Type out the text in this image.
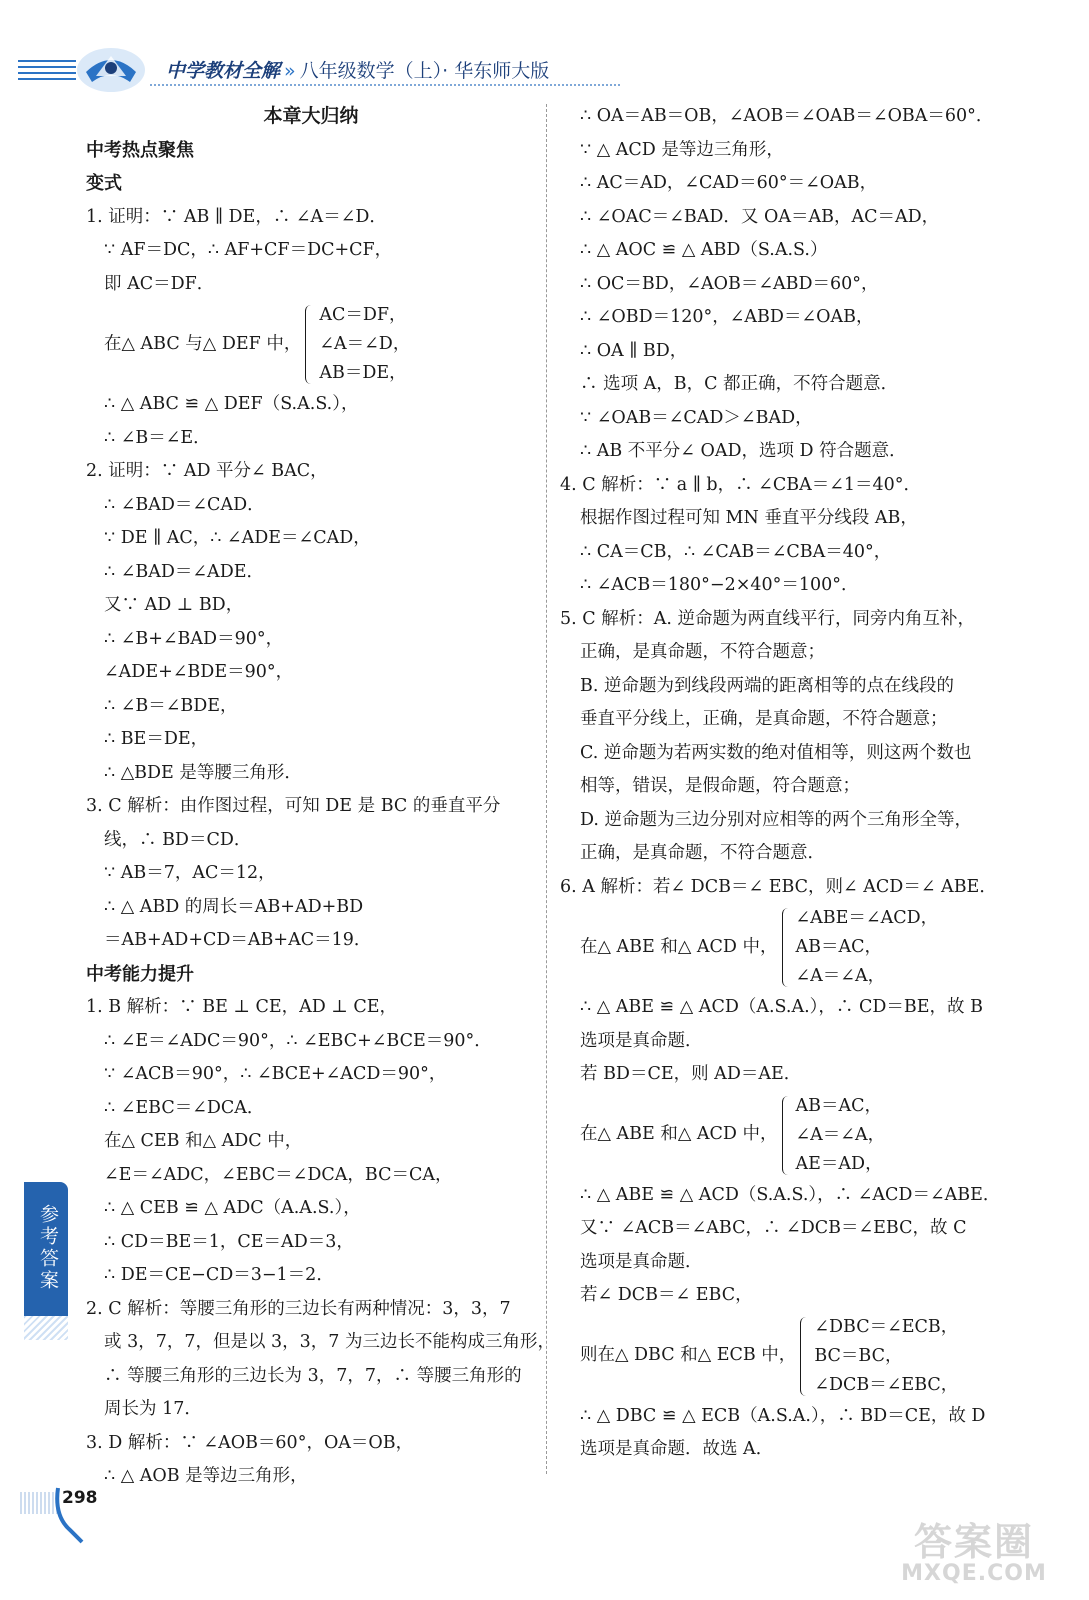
中学教材全解 » 八年级数学（上）· 华东师大版
本章大归纳
中考热点聚焦
变式
1. 证明：∵ AB ∥ DE，∴ ∠A＝∠D．
∵ AF＝DC，∴ AF+CF＝DC+CF，
即 AC＝DF．
在△ ABC 与△ DEF 中，
AC＝DF，
∠A＝∠D，
AB＝DE，
∴ △ ABC ≌ △ DEF（S.A.S.），
∴ ∠B＝∠E．
2. 证明：∵ AD 平分∠ BAC，
∴ ∠BAD＝∠CAD．
∵ DE ∥ AC，∴ ∠ADE＝∠CAD，
∴ ∠BAD＝∠ADE．
又∵ AD ⊥ BD，
∴ ∠B+∠BAD＝90°，
∠ADE+∠BDE＝90°，
∴ ∠B＝∠BDE，
∴ BE＝DE，
∴ △BDE 是等腰三角形．
3. C 解析：由作图过程，可知 DE 是 BC 的垂直平分
线，∴ BD＝CD．
∵ AB＝7，AC＝12，
∴ △ ABD 的周长＝AB+AD+BD
＝AB+AD+CD＝AB+AC＝19．
中考能力提升
1. B 解析：∵ BE ⊥ CE，AD ⊥ CE，
∴ ∠E＝∠ADC＝90°，∴ ∠EBC+∠BCE＝90°．
∵ ∠ACB＝90°，∴ ∠BCE+∠ACD＝90°，
∴ ∠EBC＝∠DCA．
在△ CEB 和△ ADC 中，
∠E＝∠ADC，∠EBC＝∠DCA，BC＝CA，
∴ △ CEB ≌ △ ADC（A.A.S.），
∴ CD＝BE＝1，CE＝AD＝3，
∴ DE＝CE−CD＝3−1＝2．
2. C 解析：等腰三角形的三边长有两种情况：3，3，7
或 3，7，7，但是以 3，3，7 为三边长不能构成三角形，
∴ 等腰三角形的三边长为 3，7，7，∴ 等腰三角形的
周长为 17．
3. D 解析：∵ ∠AOB＝60°，OA＝OB，
∴ △ AOB 是等边三角形，
∴ OA＝AB＝OB，∠AOB＝∠OAB＝∠OBA＝60°．
∵ △ ACD 是等边三角形，
∴ AC＝AD，∠CAD＝60°＝∠OAB，
∴ ∠OAC＝∠BAD．又 OA＝AB，AC＝AD，
∴ △ AOC ≌ △ ABD（S.A.S.）
∴ OC＝BD，∠AOB＝∠ABD＝60°，
∴ ∠OBD＝120°，∠ABD＝∠OAB，
∴ OA ∥ BD，
∴ 选项 A，B，C 都正确，不符合题意．
∵ ∠OAB＝∠CAD＞∠BAD，
∴ AB 不平分∠ OAD，选项 D 符合题意．
4. C 解析：∵ a ∥ b，∴ ∠CBA＝∠1＝40°．
根据作图过程可知 MN 垂直平分线段 AB，
∴ CA＝CB，∴ ∠CAB＝∠CBA＝40°，
∴ ∠ACB＝180°−2×40°＝100°．
5. C 解析：A. 逆命题为两直线平行，同旁内角互补，
正确，是真命题，不符合题意；
B. 逆命题为到线段两端的距离相等的点在线段的
垂直平分线上，正确，是真命题，不符合题意；
C. 逆命题为若两实数的绝对值相等，则这两个数也
相等，错误，是假命题，符合题意；
D. 逆命题为三边分别对应相等的两个三角形全等，
正确，是真命题，不符合题意．
6. A 解析：若∠ DCB＝∠ EBC，则∠ ACD＝∠ ABE．
在△ ABE 和△ ACD 中，
∠ABE＝∠ACD，
AB＝AC，
∠A＝∠A，
∴ △ ABE ≌ △ ACD（A.S.A.），∴ CD＝BE，故 B
选项是真命题．
若 BD＝CE，则 AD＝AE．
在△ ABE 和△ ACD 中，
AB＝AC，
∠A＝∠A，
AE＝AD，
∴ △ ABE ≌ △ ACD（S.A.S.），∴ ∠ACD＝∠ABE．
又∵ ∠ACB＝∠ABC，∴ ∠DCB＝∠EBC，故 C
选项是真命题．
若∠ DCB＝∠ EBC，
则在△ DBC 和△ ECB 中，
∠DBC＝∠ECB，
BC＝BC，
∠DCB＝∠EBC，
∴ △ DBC ≌ △ ECB（A.S.A.），∴ BD＝CE，故 D
选项是真命题．故选 A．
参考答案
298
答案圈
MXQE.COM
